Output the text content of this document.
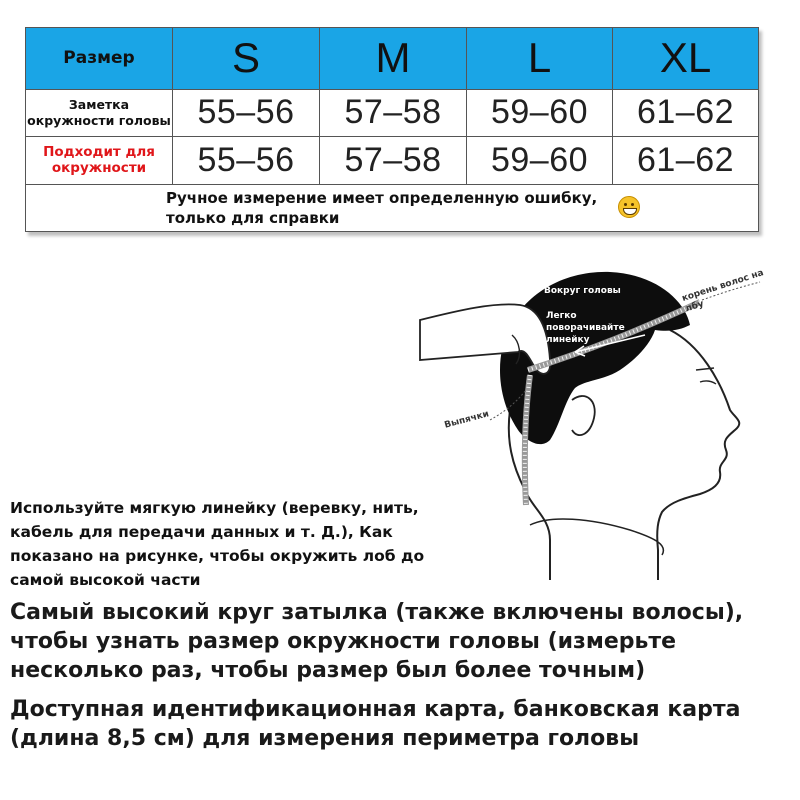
Размер	S	M	L	XL
Заметка окружности головы	55–56	57–58	59–60	61–62
Подходит для окружности	55–56	57–58	59–60	61–62
Ручное измерение имеет определенную ошибку,
только для справки				
Вокруг головы
Легко поворачивайте линейку
корень волос на лбу
Выпячки
Используйте мягкую линейку (веревку, нить, кабель для передачи данных и т. Д.), Как показано на рисунке, чтобы окружить лоб до самой высокой части
Самый высокий круг затылка (также включены волосы), чтобы узнать размер окружности головы (измерьте несколько раз, чтобы размер был более точным)
Доступная идентификационная карта, банковская карта (длина 8,5 см) для измерения периметра головы
